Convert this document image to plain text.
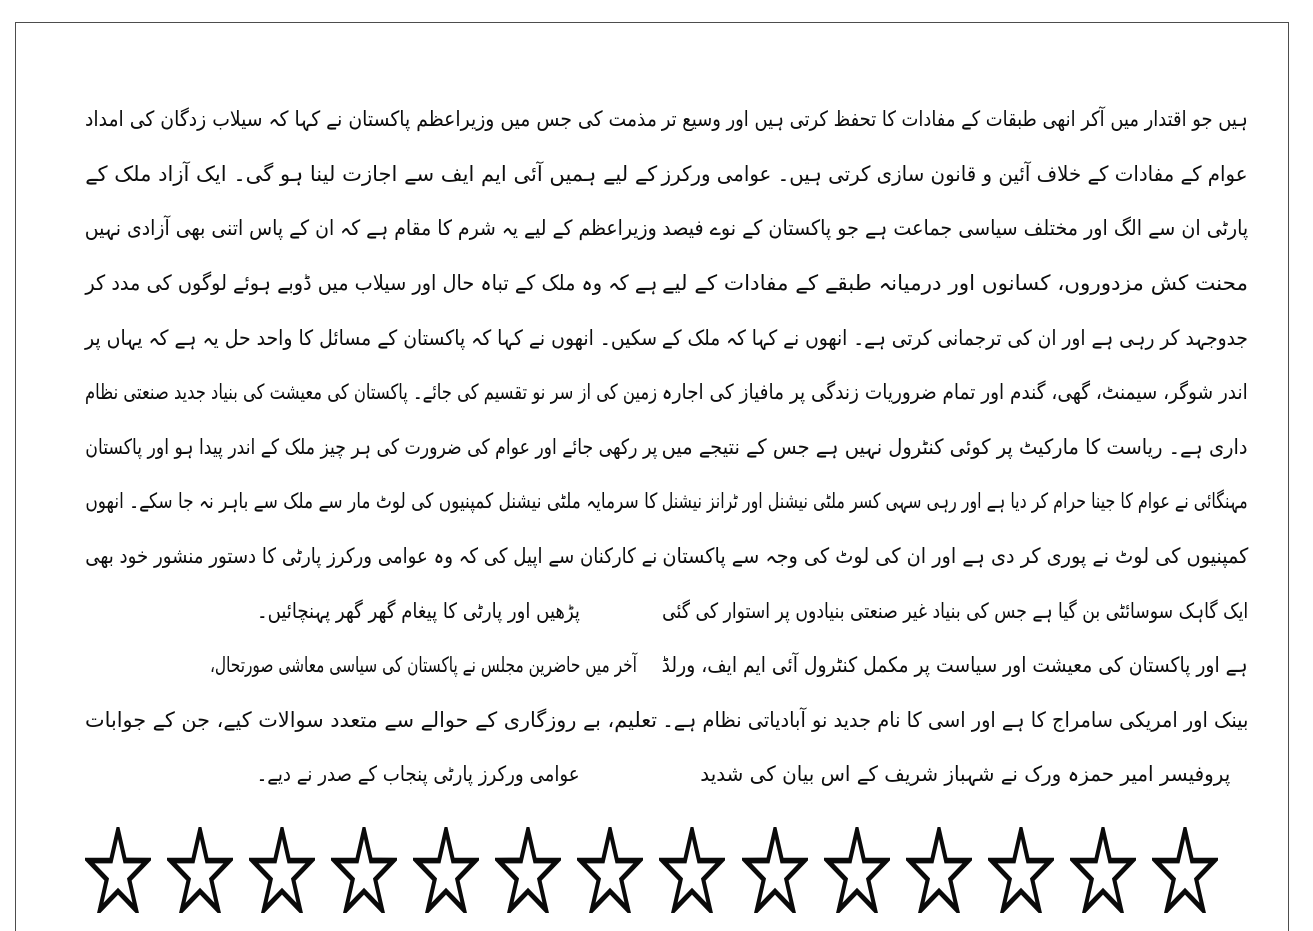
ہیں جو اقتدار میں آکر انھی طبقات کے مفادات کا تحفظ کرتی ہیں اور وسیع تر
عوام کے مفادات کے خلاف آئین و قانون سازی کرتی ہیں۔ عوامی ورکرز
پارٹی ان سے الگ اور مختلف سیاسی جماعت ہے جو پاکستان کے نوے فیصد
محنت کش مزدوروں، کسانوں اور درمیانہ طبقے کے مفادات کے لیے
جدوجہد کر رہی ہے اور ان کی ترجمانی کرتی ہے۔ انھوں نے کہا کہ ملک کے
اندر شوگر، سیمنٹ، گھی، گندم اور تمام ضروریات زندگی پر مافیاز کی اجارہ
داری ہے۔ ریاست کا مارکیٹ پر کوئی کنٹرول نہیں ہے جس کے نتیجے میں
مہنگائی نے عوام کا جینا حرام کر دیا ہے اور رہی سہی کسر ملٹی نیشنل اور ٹرانز نیشنل
کمپنیوں کی لوٹ نے پوری کر دی ہے اور ان کی لوٹ کی وجہ سے پاکستان
ایک گاہک سوسائٹی بن گیا ہے جس کی بنیاد غیر صنعتی بنیادوں پر استوار کی گئی
ہے اور پاکستان کی معیشت اور سیاست پر مکمل کنٹرول آئی ایم ایف، ورلڈ
بینک اور امریکی سامراج کا ہے اور اسی کا نام جدید نو آبادیاتی نظام ہے۔
پروفیسر امیر حمزہ ورک نے شہباز شریف کے اس بیان کی شدید
مذمت کی جس میں وزیراعظم پاکستان نے کہا کہ سیلاب زدگان کی امداد
کے لیے ہمیں آئی ایم ایف سے اجازت لینا ہو گی۔ ایک آزاد ملک کے
وزیراعظم کے لیے یہ شرم کا مقام ہے کہ ان کے پاس اتنی بھی آزادی نہیں
ہے کہ وہ ملک کے تباہ حال اور سیلاب میں ڈوبے ہوئے لوگوں کی مدد کر
سکیں۔ انھوں نے کہا کہ پاکستان کے مسائل کا واحد حل یہ ہے کہ یہاں پر
زمین کی از سر نو تقسیم کی جائے۔ پاکستان کی معیشت کی بنیاد جدید صنعتی نظام
پر رکھی جائے اور عوام کی ضرورت کی ہر چیز ملک کے اندر پیدا ہو اور پاکستان
کا سرمایہ ملٹی نیشنل کمپنیوں کی لوٹ مار سے ملک سے باہر نہ جا سکے۔ انھوں
نے کارکنان سے اپیل کی کہ وہ عوامی ورکرز پارٹی کا دستور منشور خود بھی
پڑھیں اور پارٹی کا پیغام گھر گھر پہنچائیں۔
آخر میں حاضرین مجلس نے پاکستان کی سیاسی معاشی صورتحال،
تعلیم، بے روزگاری کے حوالے سے متعدد سوالات کیے، جن کے جوابات
عوامی ورکرز پارٹی پنجاب کے صدر نے دیے۔
